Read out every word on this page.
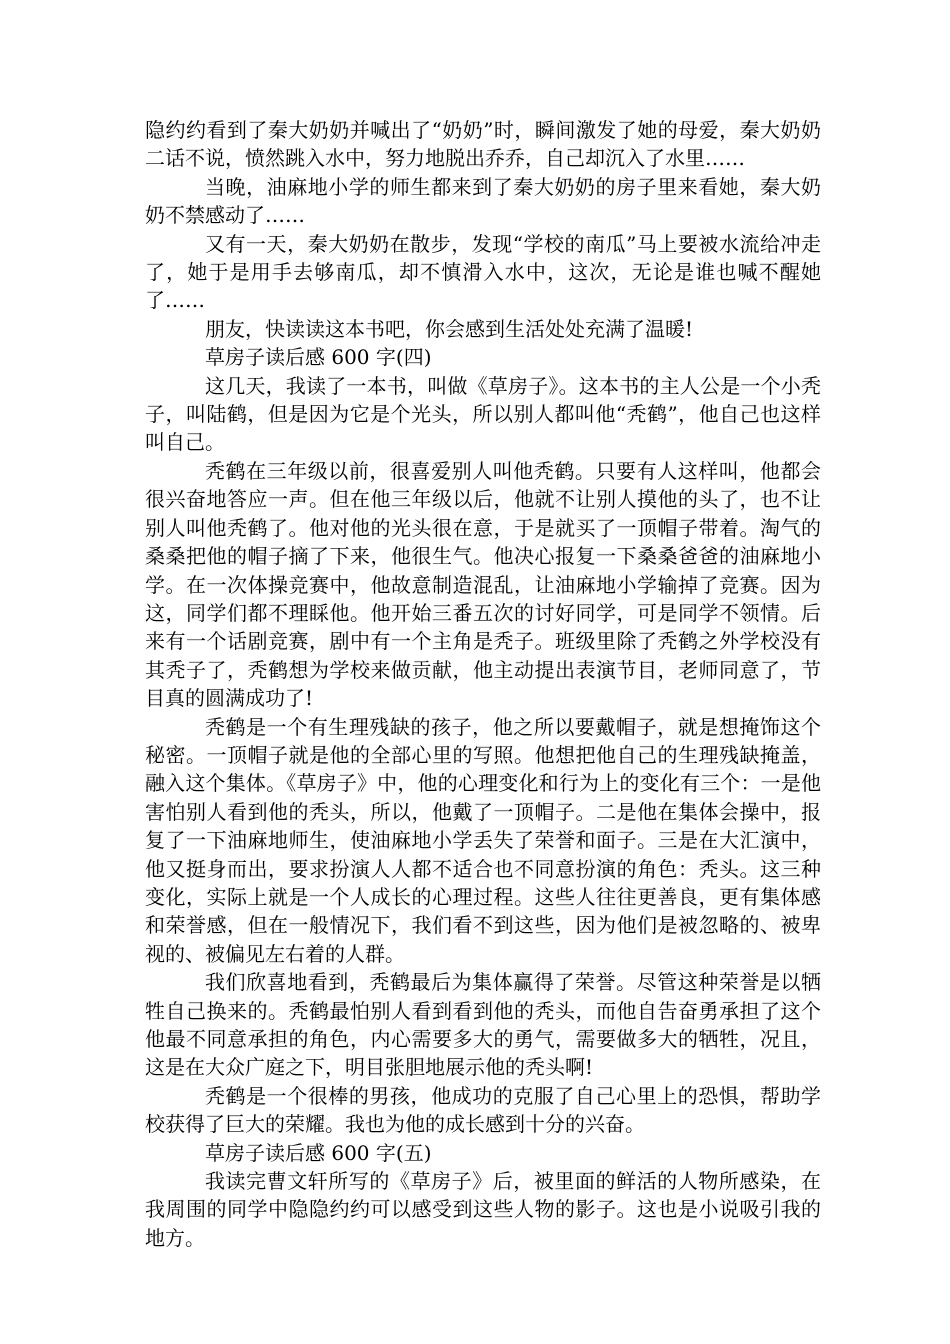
隐约约看到了秦大奶奶并喊出了“奶奶”时，瞬间激发了她的母爱，秦大奶奶二话不说，愤然跳入水中，努力地脱出乔乔，自己却沉入了水里……

当晚，油麻地小学的师生都来到了秦大奶奶的房子里来看她，秦大奶奶不禁感动了……

又有一天，秦大奶奶在散步，发现“学校的南瓜”马上要被水流给冲走了，她于是用手去够南瓜，却不慎滑入水中，这次，无论是谁也喊不醒她了……

朋友，快读读这本书吧，你会感到生活处处充满了温暖!

草房子读后感 600 字(四)

这几天，我读了一本书，叫做《草房子》。这本书的主人公是一个小秃子，叫陆鹤，但是因为它是个光头，所以别人都叫他“秃鹤”，他自己也这样叫自己。

秃鹤在三年级以前，很喜爱别人叫他秃鹤。只要有人这样叫，他都会很兴奋地答应一声。但在他三年级以后，他就不让别人摸他的头了，也不让别人叫他秃鹤了。他对他的光头很在意，于是就买了一顶帽子带着。淘气的桑桑把他的帽子摘了下来，他很生气。他决心报复一下桑桑爸爸的油麻地小学。在一次体操竞赛中，他故意制造混乱，让油麻地小学输掉了竞赛。因为这，同学们都不理睬他。他开始三番五次的讨好同学，可是同学不领情。后来有一个话剧竞赛，剧中有一个主角是秃子。班级里除了秃鹤之外学校没有其秃子了，秃鹤想为学校来做贡献，他主动提出表演节目，老师同意了，节目真的圆满成功了!

秃鹤是一个有生理残缺的孩子，他之所以要戴帽子，就是想掩饰这个秘密。一顶帽子就是他的全部心里的写照。他想把他自己的生理残缺掩盖，融入这个集体。《草房子》中，他的心理变化和行为上的变化有三个：一是他害怕别人看到他的秃头，所以，他戴了一顶帽子。二是他在集体会操中，报复了一下油麻地师生，使油麻地小学丢失了荣誉和面子。三是在大汇演中，他又挺身而出，要求扮演人人都不适合也不同意扮演的角色：秃头。这三种变化，实际上就是一个人成长的心理过程。这些人往往更善良，更有集体感和荣誉感，但在一般情况下，我们看不到这些，因为他们是被忽略的、被卑视的、被偏见左右着的人群。

我们欣喜地看到，秃鹤最后为集体赢得了荣誉。尽管这种荣誉是以牺牲自己换来的。秃鹤最怕别人看到看到他的秃头，而他自告奋勇承担了这个他最不同意承担的角色，内心需要多大的勇气，需要做多大的牺牲，况且，这是在大众广庭之下，明目张胆地展示他的秃头啊!

秃鹤是一个很棒的男孩，他成功的克服了自己心里上的恐惧，帮助学校获得了巨大的荣耀。我也为他的成长感到十分的兴奋。

草房子读后感 600 字(五)

我读完曹文轩所写的《草房子》后，被里面的鲜活的人物所感染，在我周围的同学中隐隐约约可以感受到这些人物的影子。这也是小说吸引我的地方。
